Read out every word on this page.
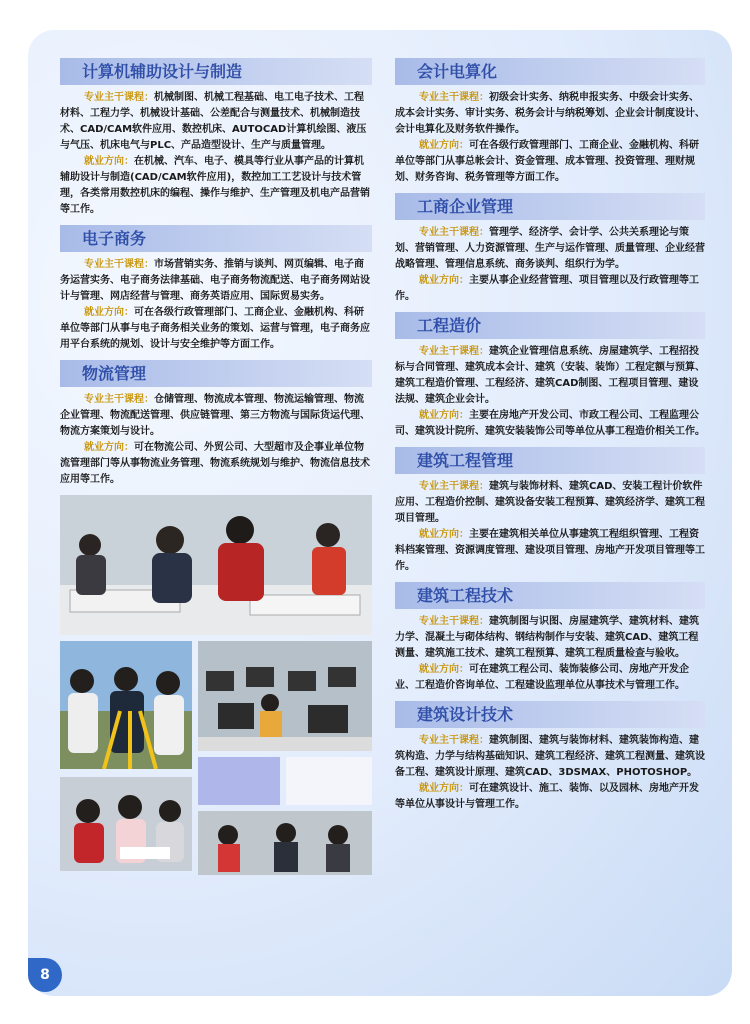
计算机辅助设计与制造

专业主干课程：机械制图、机械工程基础、电工电子技术、工程材料、工程力学、机械设计基础、公差配合与测量技术、机械制造技术、CAD/CAM软件应用、数控机床、AUTOCAD计算机绘图、液压与气压、机床电气与PLC、产品造型设计、生产与质量管理。

就业方向：在机械、汽车、电子、模具等行业从事产品的计算机辅助设计与制造(CAD/CAM软件应用)，数控加工工艺设计与技术管理，各类常用数控机床的编程、操作与维护、生产管理及机电产品营销等工作。

电子商务

专业主干课程：市场营销实务、推销与谈判、网页编辑、电子商务运营实务、电子商务法律基础、电子商务物流配送、电子商务网站设计与管理、网店经营与管理、商务英语应用、国际贸易实务。

就业方向：可在各级行政管理部门、工商企业、金融机构、科研单位等部门从事与电子商务相关业务的策划、运营与管理，电子商务应用平台系统的规划、设计与安全维护等方面工作。

物流管理

专业主干课程：仓储管理、物流成本管理、物流运输管理、物流企业管理、物流配送管理、供应链管理、第三方物流与国际货运代理、物流方案策划与设计。

就业方向：可在物流公司、外贸公司、大型超市及企事业单位物流管理部门等从事物流业务管理、物流系统规划与维护、物流信息技术应用等工作。

会计电算化

专业主干课程：初级会计实务、纳税申报实务、中级会计实务、成本会计实务、审计实务、税务会计与纳税筹划、企业会计制度设计、会计电算化及财务软件操作。

就业方向：可在各级行政管理部门、工商企业、金融机构、科研单位等部门从事总帐会计、资金管理、成本管理、投资管理、理财规划、财务咨询、税务管理等方面工作。

工商企业管理

专业主干课程：管理学、经济学、会计学、公共关系理论与策划、营销管理、人力资源管理、生产与运作管理、质量管理、企业经营战略管理、管理信息系统、商务谈判、组织行为学。

就业方向：主要从事企业经营管理、项目管理以及行政管理等工作。

工程造价

专业主干课程：建筑企业管理信息系统、房屋建筑学、工程招投标与合同管理、建筑成本会计、建筑（安装、装饰）工程定额与预算、建筑工程造价管理、工程经济、建筑CAD制图、工程项目管理、建设法规、建筑企业会计。

就业方向：主要在房地产开发公司、市政工程公司、工程监理公司、建筑设计院所、建筑安装装饰公司等单位从事工程造价相关工作。

建筑工程管理

专业主干课程：建筑与装饰材料、建筑CAD、安装工程计价软件应用、工程造价控制、建筑设备安装工程预算、建筑经济学、建筑工程项目管理。

就业方向：主要在建筑相关单位从事建筑工程组织管理、工程资料档案管理、资源调度管理、建设项目管理、房地产开发项目管理等工作。

建筑工程技术

专业主干课程：建筑制图与识图、房屋建筑学、建筑材料、建筑力学、混凝土与砌体结构、钢结构制作与安装、建筑CAD、建筑工程测量、建筑施工技术、建筑工程预算、建筑工程质量检查与验收。

就业方向：可在建筑工程公司、装饰装修公司、房地产开发企业、工程造价咨询单位、工程建设监理单位从事技术与管理工作。

建筑设计技术

专业主干课程：建筑制图、建筑与装饰材料、建筑装饰构造、建筑构造、力学与结构基础知识、建筑工程经济、建筑工程测量、建筑设备工程、建筑设计原理、建筑CAD、3DSMAX、PHOTOSHOP。

就业方向：可在建筑设计、施工、装饰、以及园林、房地产开发等单位从事设计与管理工作。

8
